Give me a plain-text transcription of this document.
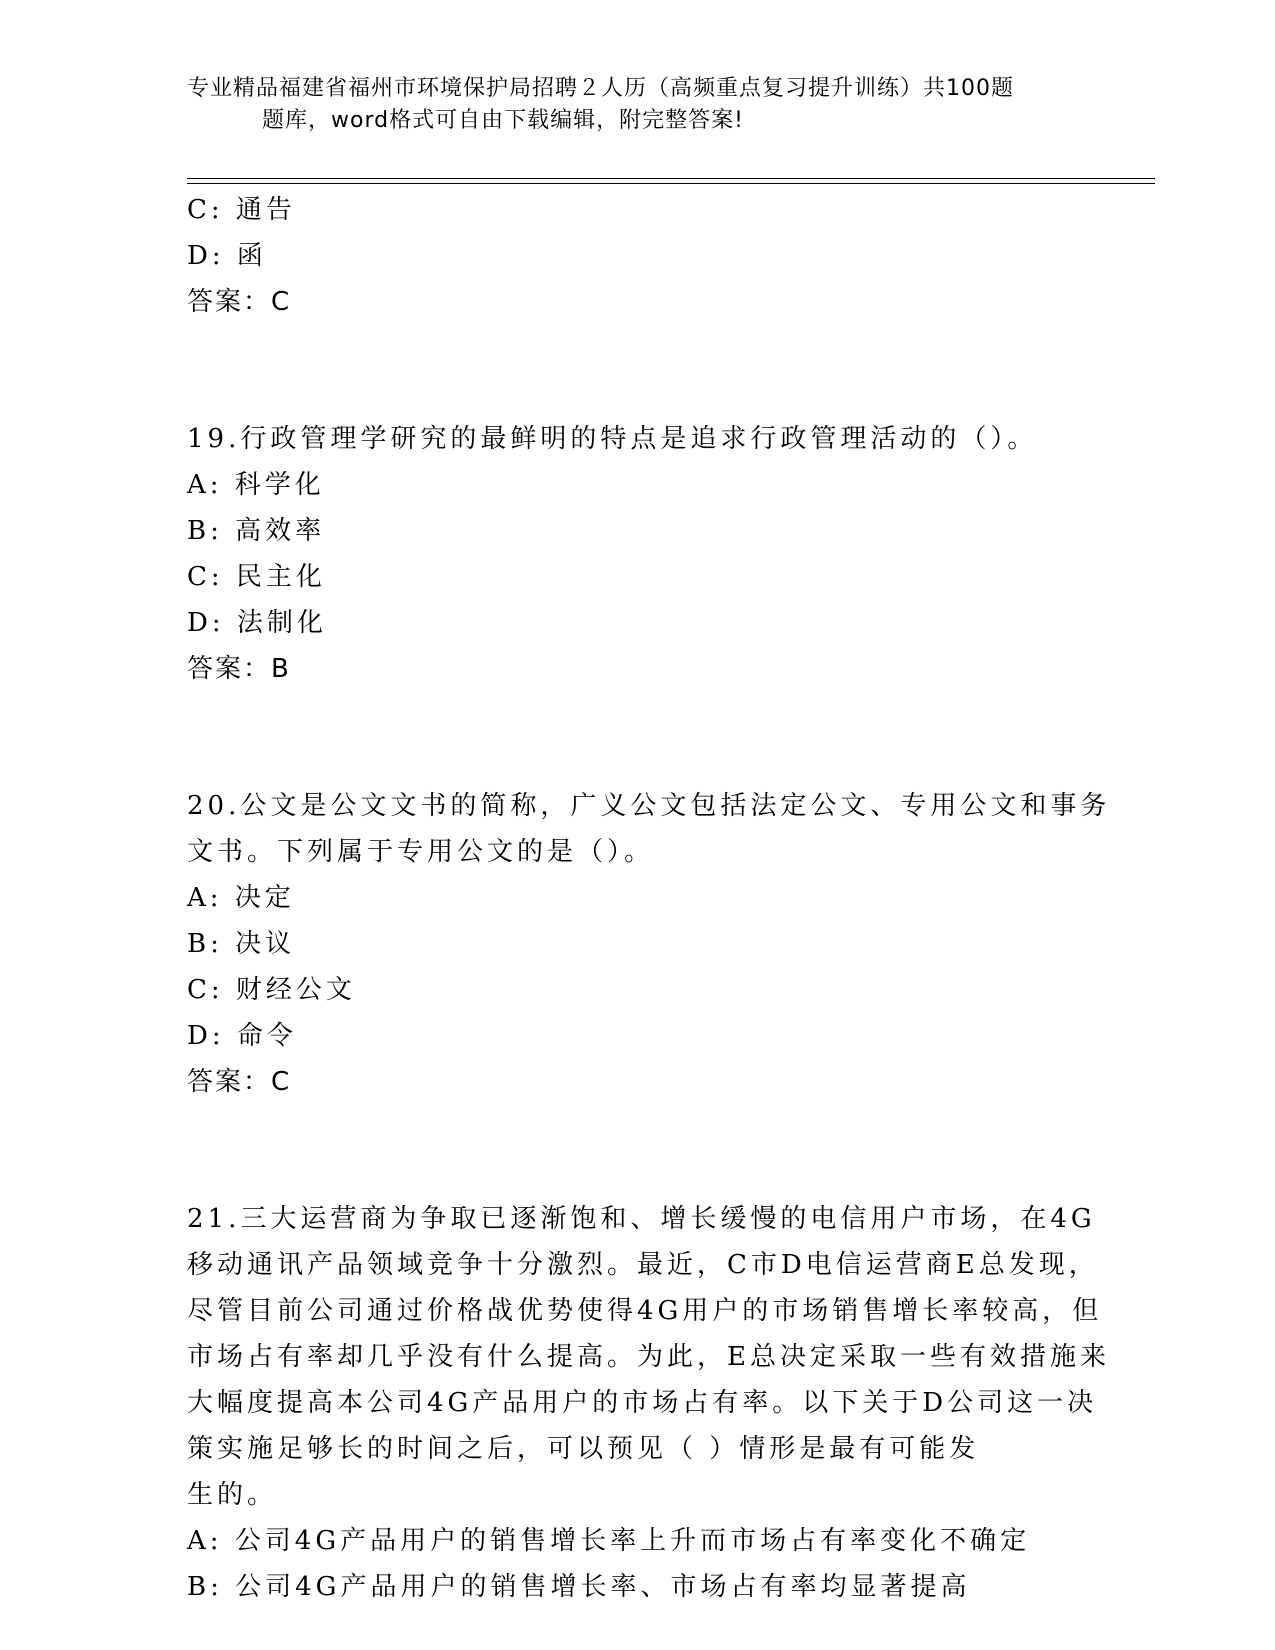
专业精品福建省福州市环境保护局招聘２人历（高频重点复习提升训练）共100题
题库，word格式可自由下载编辑，附完整答案!
C: 通告
D: 函
答案：C
19.行政管理学研究的最鲜明的特点是追求行政管理活动的（）。
A: 科学化
B: 高效率
C: 民主化
D: 法制化
答案：B
20.公文是公文文书的简称，广义公文包括法定公文、专用公文和事务
文书。下列属于专用公文的是（）。
A: 决定
B: 决议
C: 财经公文
D: 命令
答案：C
21.三大运营商为争取已逐渐饱和、增长缓慢的电信用户市场，在4G
移动通讯产品领域竞争十分激烈。最近，C市D电信运营商E总发现，
尽管目前公司通过价格战优势使得4G用户的市场销售增长率较高，但
市场占有率却几乎没有什么提高。为此，E总决定采取一些有效措施来
大幅度提高本公司4G产品用户的市场占有率。以下关于D公司这一决
策实施足够长的时间之后，可以预见（ ）情形是最有可能发
生的。
A: 公司4G产品用户的销售增长率上升而市场占有率变化不确定
B: 公司4G产品用户的销售增长率、市场占有率均显著提高
